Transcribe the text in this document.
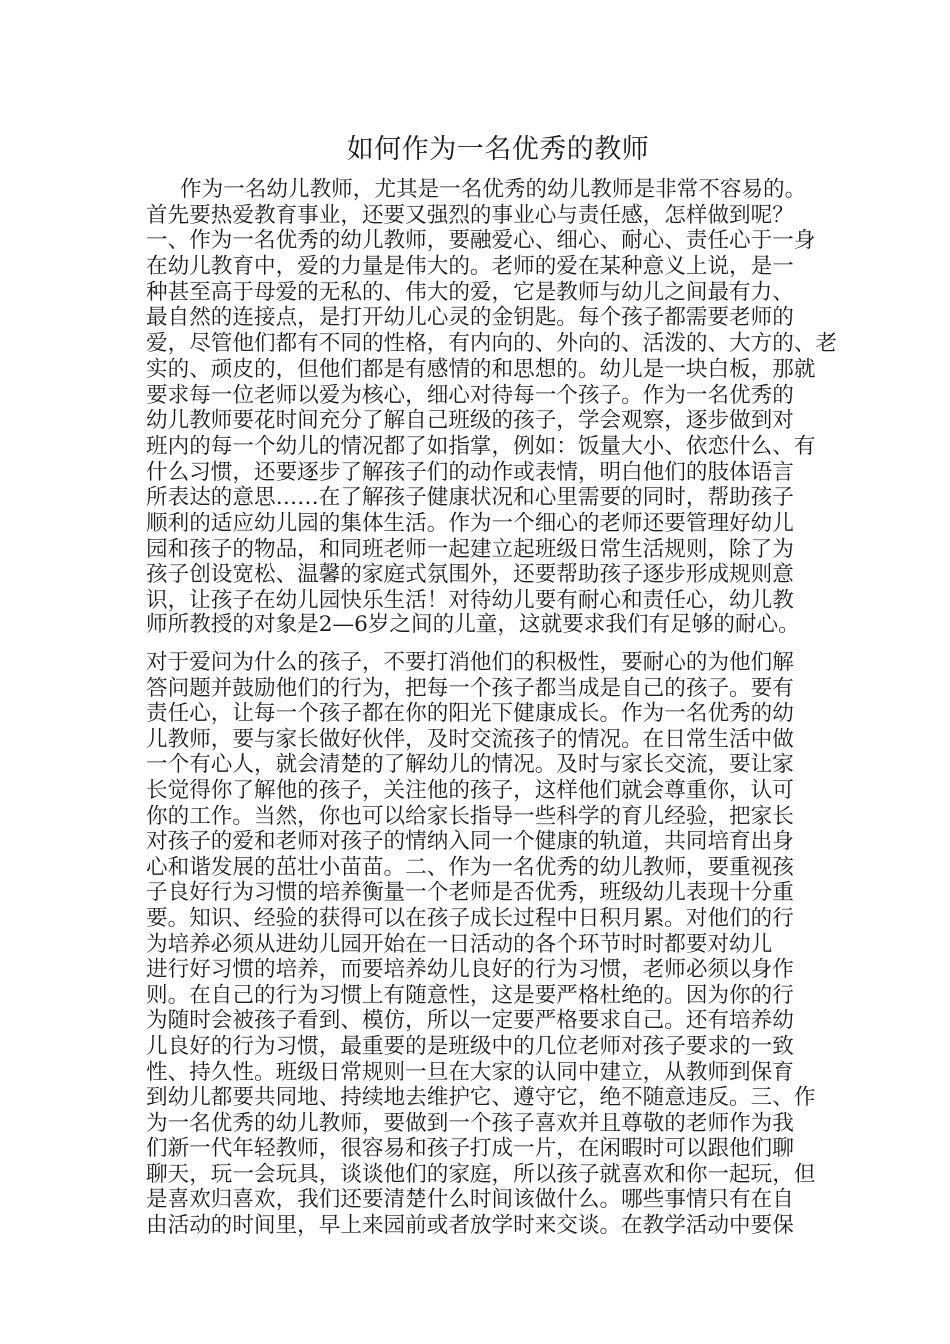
如何作为一名优秀的教师
作为一名幼儿教师，尤其是一名优秀的幼儿教师是非常不容易的。
首先要热爱教育事业，还要又强烈的事业心与责任感，怎样做到呢？
一、作为一名优秀的幼儿教师，要融爱心、细心、耐心、责任心于一身
在幼儿教育中，爱的力量是伟大的。老师的爱在某种意义上说，是一
种甚至高于母爱的无私的、伟大的爱，它是教师与幼儿之间最有力、
最自然的连接点，是打开幼儿心灵的金钥匙。每个孩子都需要老师的
爱，尽管他们都有不同的性格，有内向的、外向的、活泼的、大方的、老
实的、顽皮的，但他们都是有感情的和思想的。幼儿是一块白板，那就
要求每一位老师以爱为核心，细心对待每一个孩子。作为一名优秀的
幼儿教师要花时间充分了解自己班级的孩子，学会观察，逐步做到对
班内的每一个幼儿的情况都了如指掌，例如：饭量大小、依恋什么、有
什么习惯，还要逐步了解孩子们的动作或表情，明白他们的肢体语言
所表达的意思……在了解孩子健康状况和心里需要的同时，帮助孩子
顺利的适应幼儿园的集体生活。作为一个细心的老师还要管理好幼儿
园和孩子的物品，和同班老师一起建立起班级日常生活规则，除了为
孩子创设宽松、温馨的家庭式氛围外，还要帮助孩子逐步形成规则意
识，让孩子在幼儿园快乐生活！对待幼儿要有耐心和责任心，幼儿教
师所教授的对象是2—6岁之间的儿童，这就要求我们有足够的耐心。
对于爱问为什么的孩子，不要打消他们的积极性，要耐心的为他们解
答问题并鼓励他们的行为，把每一个孩子都当成是自己的孩子。要有
责任心，让每一个孩子都在你的阳光下健康成长。作为一名优秀的幼
儿教师，要与家长做好伙伴，及时交流孩子的情况。在日常生活中做
一个有心人，就会清楚的了解幼儿的情况。及时与家长交流，要让家
长觉得你了解他的孩子，关注他的孩子，这样他们就会尊重你，认可
你的工作。当然，你也可以给家长指导一些科学的育儿经验，把家长
对孩子的爱和老师对孩子的情纳入同一个健康的轨道，共同培育出身
心和谐发展的茁壮小苗苗。二、作为一名优秀的幼儿教师，要重视孩
子良好行为习惯的培养衡量一个老师是否优秀，班级幼儿表现十分重
要。知识、经验的获得可以在孩子成长过程中日积月累。对他们的行
为培养必须从进幼儿园开始在一日活动的各个环节时时都要对幼儿
进行好习惯的培养，而要培养幼儿良好的行为习惯，老师必须以身作
则。在自己的行为习惯上有随意性，这是要严格杜绝的。因为你的行
为随时会被孩子看到、模仿，所以一定要严格要求自己。还有培养幼
儿良好的行为习惯，最重要的是班级中的几位老师对孩子要求的一致
性、持久性。班级日常规则一旦在大家的认同中建立，从教师到保育
到幼儿都要共同地、持续地去维护它、遵守它，绝不随意违反。三、作
为一名优秀的幼儿教师，要做到一个孩子喜欢并且尊敬的老师作为我
们新一代年轻教师，很容易和孩子打成一片，在闲暇时可以跟他们聊
聊天，玩一会玩具，谈谈他们的家庭，所以孩子就喜欢和你一起玩，但
是喜欢归喜欢，我们还要清楚什么时间该做什么。哪些事情只有在自
由活动的时间里，早上来园前或者放学时来交谈。在教学活动中要保
